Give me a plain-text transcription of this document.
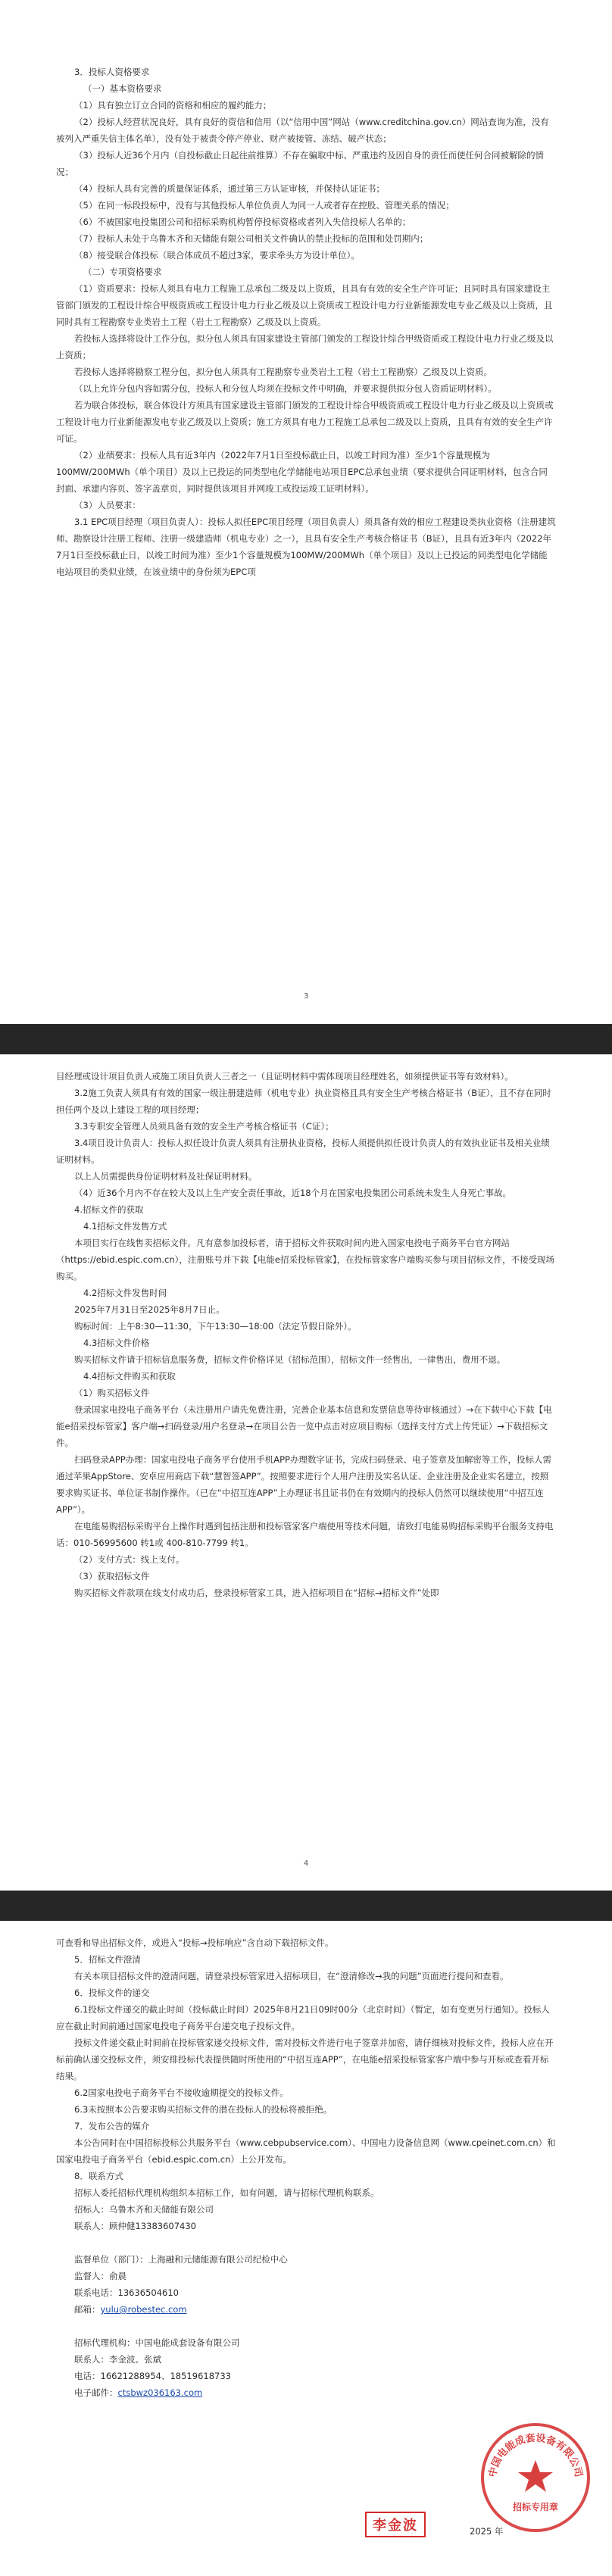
3．投标人资格要求

（一）基本资格要求

（1）具有独立订立合同的资格和相应的履约能力；

（2）投标人经营状况良好，具有良好的资信和信用（以“信用中国”网站（www.creditchina.gov.cn）网站查询为准，没有被列入严重失信主体名单），没有处于被责令停产停业、财产被接管、冻结、破产状态；

（3）投标人近36个月内（自投标截止日起往前推算）不存在骗取中标、严重违约及因自身的责任而使任何合同被解除的情况；

（4）投标人具有完善的质量保证体系，通过第三方认证审核，并保持认证证书；

（5）在同一标段投标中，没有与其他投标人单位负责人为同一人或者存在控股、管理关系的情况；

（6）不被国家电投集团公司和招标采购机构暂停投标资格或者列入失信投标人名单的；

（7）投标人未处于乌鲁木齐和天储能有限公司相关文件确认的禁止投标的范围和处罚期内；

（8）接受联合体投标（联合体成员不超过3家，要求牵头方为设计单位）。

（二）专项资格要求

（1）资质要求：投标人须具有电力工程施工总承包二级及以上资质，且具有有效的安全生产许可证；且同时具有国家建设主管部门颁发的工程设计综合甲级资质或工程设计电力行业乙级及以上资质或工程设计电力行业新能源发电专业乙级及以上资质，且同时具有工程勘察专业类岩土工程（岩土工程勘察）乙级及以上资质。

若投标人选择将设计工作分包，拟分包人须具有国家建设主管部门颁发的工程设计综合甲级资质或工程设计电力行业乙级及以上资质；

若投标人选择将勘察工程分包，拟分包人须具有工程勘察专业类岩土工程（岩土工程勘察）乙级及以上资质。

（以上允许分包内容如需分包，投标人和分包人均须在投标文件中明确，并要求提供拟分包人资质证明材料）。

若为联合体投标，联合体设计方须具有国家建设主管部门颁发的工程设计综合甲级资质或工程设计电力行业乙级及以上资质或工程设计电力行业新能源发电专业乙级及以上资质；施工方须具有电力工程施工总承包二级及以上资质，且具有有效的安全生产许可证。

（2）业绩要求：投标人具有近3年内（2022年7月1日至投标截止日，以竣工时间为准）至少1个容量规模为100MW/200MWh（单个项目）及以上已投运的同类型电化学储能电站项目EPC总承包业绩（要求提供合同证明材料，包含合同封面、承建内容页、签字盖章页，同时提供该项目并网竣工或投运竣工证明材料）。

（3）人员要求：

3.1 EPC项目经理（项目负责人）：投标人拟任EPC项目经理（项目负责人）须具备有效的相应工程建设类执业资格（注册建筑师、勘察设计注册工程师、注册一级建造师（机电专业）之一），且具有安全生产考核合格证书（B证），且具有近3年内（2022年7月1日至投标截止日，以竣工时间为准）至少1个容量规模为100MW/200MWh（单个项目）及以上已投运的同类型电化学储能电站项目的类似业绩，在该业绩中的身份须为EPC项

3

目经理或设计项目负责人或施工项目负责人三者之一（且证明材料中需体现项目经理姓名，如须提供证书等有效材料）。

3.2施工负责人须具有有效的国家一级注册建造师（机电专业）执业资格且具有安全生产考核合格证书（B证），且不存在同时担任两个及以上建设工程的项目经理；

3.3专职安全管理人员须具备有效的安全生产考核合格证书（C证）；

3.4项目设计负责人：投标人拟任设计负责人须具有注册执业资格，投标人须提供拟任设计负责人的有效执业证书及相关业绩证明材料。

以上人员需提供身份证明材料及社保证明材料。

（4）近36个月内不存在较大及以上生产安全责任事故，近18个月在国家电投集团公司系统未发生人身死亡事故。

4.招标文件的获取

4.1招标文件发售方式

本项目实行在线售卖招标文件。凡有意参加投标者，请于招标文件获取时间内进入国家电投电子商务平台官方网站（https://ebid.espic.com.cn），注册账号并下载【电能e招采投标管家】，在投标管家客户端购买参与项目招标文件，不接受现场购买。

4.2招标文件发售时间

2025年7月31日至2025年8月7日止。

购标时间：上午8:30—11:30，下午13:30—18:00（法定节假日除外）。

4.3招标文件价格

购买招标文件请于招标信息服务费，招标文件价格详见（招标范围），招标文件一经售出，一律售出，费用不退。

4.4招标文件购买和获取

（1）购买招标文件

登录国家电投电子商务平台（未注册用户请先免费注册，完善企业基本信息和发票信息等待审核通过）→在下载中心下载【电能e招采投标管家】客户端→扫码登录/用户名登录→在项目公告一览中点击对应项目购标（选择支付方式上传凭证）→下载招标文件。

扫码登录APP办理：国家电投电子商务平台使用手机APP办理数字证书，完成扫码登录、电子签章及加解密等工作，投标人需通过苹果AppStore、安卓应用商店下载“慧智签APP”。按照要求进行个人用户注册及实名认证、企业注册及企业实名建立，按照要求购买证书、单位证书制作操作。（已在“中招互连APP”上办理证书且证书仍在有效期内的投标人仍然可以继续使用“中招互连APP”）。

在电能易购招标采购平台上操作时遇到包括注册和投标管家客户端使用等技术问题，请致打电能易购招标采购平台服务支持电话：010-56995600 转1或 400-810-7799 转1。

（2）支付方式：线上支付。

（3）获取招标文件

购买招标文件款项在线支付成功后，登录投标管家工具，进入招标项目在“招标→招标文件”处即

4

可查看和导出招标文件，或进入“投标→投标响应”含自动下载招标文件。

5．招标文件澄清

有关本项目招标文件的澄清问题，请登录投标管家进入招标项目，在“澄清修改→我的问题”页面进行提问和查看。

6．投标文件的递交

6.1投标文件递交的截止时间（投标截止时间）2025年8月21日09时00分（北京时间）（暂定，如有变更另行通知）。投标人应在截止时间前通过国家电投电子商务平台递交电子投标文件。

投标文件递交截止时间前在投标管家递交投标文件，需对投标文件进行电子签章并加密，请仔细核对投标文件，投标人应在开标前确认递交投标文件，须安排投标代表提供随时所使用的“中招互连APP”，在电能e招采投标管家客户端中参与开标或查看开标结果。

6.2国家电投电子商务平台不接收逾期提交的投标文件。

6.3未按照本公告要求购买招标文件的潜在投标人的投标将被拒绝。

7．发布公告的媒介

本公告同时在中国招标投标公共服务平台（www.cebpubservice.com）、中国电力设备信息网（www.cpeinet.com.cn）和国家电投电子商务平台（ebid.espic.com.cn）上公开发布。

8．联系方式

招标人委托招标代理机构组织本招标工作，如有问题，请与招标代理机构联系。

招标人：乌鲁木齐和天储能有限公司

联系人：顾仲健13383607430

监督单位（部门）：上海融和元储能源有限公司纪检中心

监督人：俞晨

联系电话：13636504610

邮箱：yulu@robestec.com

招标代理机构：中国电能成套设备有限公司

联系人：李金波、张斌

电话：16621288954、18519618733

电子邮件：ctsbwz036163.com

李金波	2025 年
中国电能成套设备有限公司
招标专用章
